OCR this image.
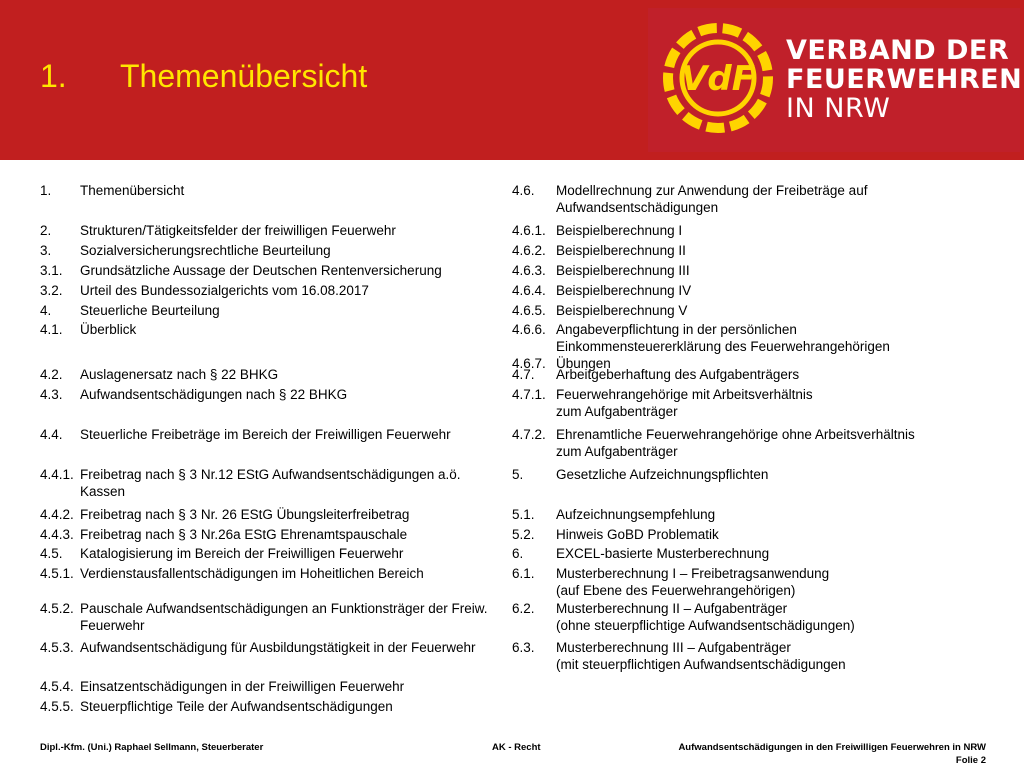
1.	Themenübersicht	VdF
VERBAND DER
FEUERWEHREN
IN NRW
1.	Themenübersicht
2.	Strukturen/Tätigkeitsfelder der freiwilligen Feuerwehr
3.	Sozialversicherungsrechtliche Beurteilung
3.1.	Grundsätzliche Aussage der Deutschen Rentenversicherung
3.2.	Urteil des Bundessozialgerichts vom 16.08.2017
4.	Steuerliche Beurteilung
4.1.	Überblick
4.2.	Auslagenersatz nach § 22 BHKG
4.3.	Aufwandsentschädigungen nach § 22 BHKG
4.4.	Steuerliche Freibeträge im Bereich der Freiwilligen Feuerwehr
4.4.1. Freibetrag nach § 3 Nr.12 EStG Aufwandsentschädigungen a.ö. Kassen
4.4.2. Freibetrag nach § 3 Nr. 26 EStG Übungsleiterfreibetrag
4.4.3. Freibetrag nach § 3 Nr.26a EStG Ehrenamtspauschale
4.5.	Katalogisierung im Bereich der Freiwilligen Feuerwehr
4.5.1. Verdienstausfallentschädigungen im Hoheitlichen Bereich
4.5.2. Pauschale Aufwandsentschädigungen an Funktionsträger der Freiw. Feuerwehr
4.5.3. Aufwandsentschädigung für Ausbildungstätigkeit in der Feuerwehr
4.5.4. Einsatzentschädigungen in der Freiwilligen Feuerwehr
4.5.5. Steuerpflichtige Teile der Aufwandsentschädigungen
4.6.	Modellrechnung zur Anwendung der Freibeträge auf
Aufwandsentschädigungen
4.6.1. Beispielberechnung I
4.6.2. Beispielberechnung II
4.6.3. Beispielberechnung III
4.6.4. Beispielberechnung IV
4.6.5. Beispielberechnung V
4.6.6. Angabeverpflichtung in der persönlichen
Einkommensteuererklärung des Feuerwehrangehörigen
4.6.7. Übungen
4.7.	Arbeitgeberhaftung des Aufgabenträgers
4.7.1. Feuerwehrangehörige mit Arbeitsverhältnis
zum Aufgabenträger
4.7.2. Ehrenamtliche Feuerwehrangehörige ohne Arbeitsverhältnis
zum Aufgabenträger
5.	Gesetzliche Aufzeichnungspflichten
5.1.	Aufzeichnungsempfehlung
5.2.	Hinweis GoBD Problematik
6.	EXCEL-basierte Musterberechnung
6.1.	Musterberechnung I – Freibetragsanwendung
(auf Ebene des Feuerwehrangehörigen)
6.2.	Musterberechnung II – Aufgabenträger
(ohne steuerpflichtige Aufwandsentschädigungen)
6.3.	Musterberechnung III – Aufgabenträger
(mit steuerpflichtigen Aufwandsentschädigungen
Dipl.-Kfm. (Uni.) Raphael Sellmann, Steuerberater	AK - Recht	Aufwandsentschädigungen in den Freiwilligen Feuerwehren in NRW
Folie 2
